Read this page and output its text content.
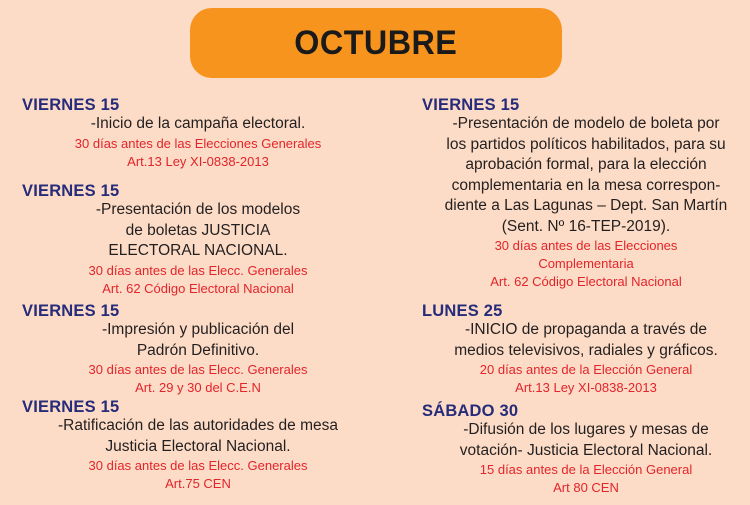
OCTUBRE
VIERNES 15
-Inicio de la campaña electoral.
30 días antes de las Elecciones Generales
Art.13 Ley XI-0838-2013
VIERNES 15
-Presentación de los modelos
de boletas JUSTICIA
ELECTORAL NACIONAL.
30 días antes de las Elecc. Generales
Art. 62 Código Electoral Nacional
VIERNES 15
-Impresión y publicación del
Padrón Definitivo.
30 días antes de las Elecc. Generales
Art. 29 y 30 del C.E.N
VIERNES 15
-Ratificación de las autoridades de mesa
Justicia Electoral Nacional.
30 días antes de las Elecc. Generales
Art.75 CEN
VIERNES 15
-Presentación de modelo de boleta por
los partidos políticos habilitados, para su
aprobación formal, para la elección
complementaria en la mesa correspon-
diente a Las Lagunas – Dept. San Martín
(Sent. Nº 16-TEP-2019).
30 días antes de las Elecciones
Complementaria
Art. 62 Código Electoral Nacional
LUNES 25
-INICIO de propaganda a través de
medios televisivos, radiales y gráficos.
20 días antes de la Elección General
Art.13 Ley XI-0838-2013
SÁBADO 30
-Difusión de los lugares y mesas de
votación- Justicia Electoral Nacional.
15 días antes de la Elección General
Art 80 CEN
